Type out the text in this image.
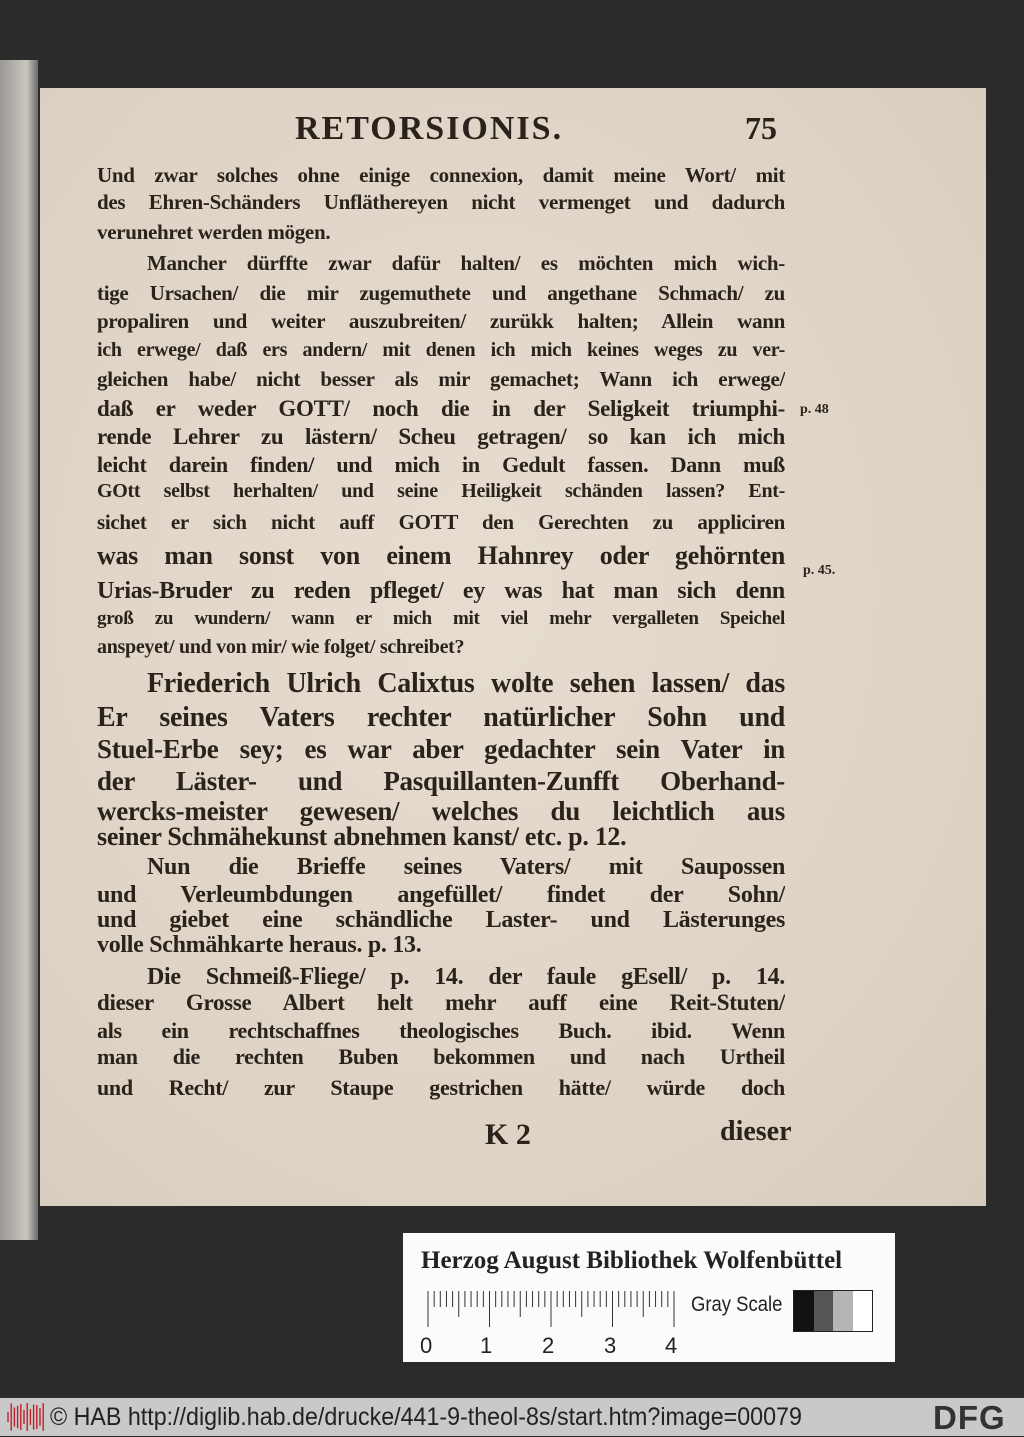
RETORSIONIS.	75
Und zwar solches ohne einige connexion, damit meine Wort/ mit
des Ehren-Schänders Unfläthereyen nicht vermenget und dadurch
verunehret werden mögen.
Mancher dürffte zwar dafür halten/ es möchten mich wich-
tige Ursachen/ die mir zugemuthete und angethane Schmach/ zu
propaliren und weiter auszubreiten/ zurükk halten; Allein wann
ich erwege/ daß ers andern/ mit denen ich mich keines weges zu ver-
gleichen habe/ nicht besser als mir gemachet; Wann ich erwege/
daß er weder GOTT/ noch die in der Seligkeit triumphi-
rende Lehrer zu lästern/ Scheu getragen/ so kan ich mich
leicht darein finden/ und mich in Gedult fassen. Dann muß
GOtt selbst herhalten/ und seine Heiligkeit schänden lassen? Ent-
sichet er sich nicht auff GOTT den Gerechten zu appliciren
was man sonst von einem Hahnrey oder gehörnten
Urias-Bruder zu reden pfleget/ ey was hat man sich denn
groß zu wundern/ wann er mich mit viel mehr vergalleten Speichel
anspeyet/ und von mir/ wie folget/ schreibet?
Friederich Ulrich Calixtus wolte sehen lassen/ das
Er seines Vaters rechter natürlicher Sohn und
Stuel-Erbe sey; es war aber gedachter sein Vater in
der Läster- und Pasquillanten-Zunfft Oberhand-
wercks-meister gewesen/ welches du leichtlich aus
seiner Schmähekunst abnehmen kanst/ etc. p. 12.
Nun die Brieffe seines Vaters/ mit Saupossen
und Verleumbdungen angefüllet/ findet der Sohn/
und giebet eine schändliche Laster- und Lästerunges
volle Schmähkarte heraus. p. 13.
Die Schmeiß-Fliege/ p. 14. der faule gEsell/ p. 14.
dieser Grosse Albert helt mehr auff eine Reit-Stuten/
als ein rechtschaffnes theologisches Buch. ibid. Wenn
man die rechten Buben bekommen und nach Urtheil
und Recht/ zur Staupe gestrichen hätte/ würde doch
p. 48
p. 45.
K 2	dieser
Herzog August Bibliothek Wolfenbüttel
0 1 2 3 4
Gray Scale
© HAB http://diglib.hab.de/drucke/441-9-theol-8s/start.htm?image=00079	DFG
